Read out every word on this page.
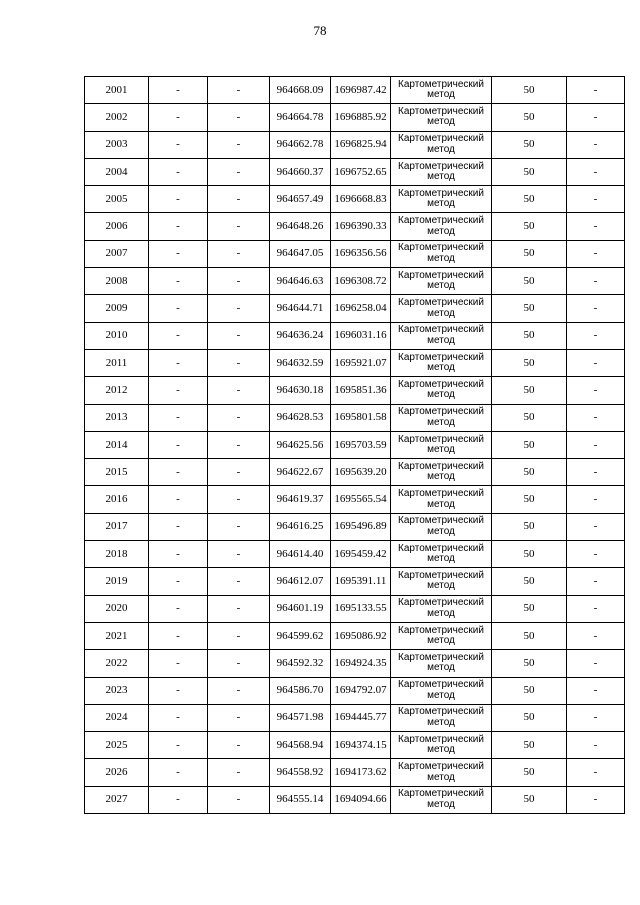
78
2001	-	-	964668.09	1696987.42	Картометрический метод	50	-
2002	-	-	964664.78	1696885.92	Картометрический метод	50	-
2003	-	-	964662.78	1696825.94	Картометрический метод	50	-
2004	-	-	964660.37	1696752.65	Картометрический метод	50	-
2005	-	-	964657.49	1696668.83	Картометрический метод	50	-
2006	-	-	964648.26	1696390.33	Картометрический метод	50	-
2007	-	-	964647.05	1696356.56	Картометрический метод	50	-
2008	-	-	964646.63	1696308.72	Картометрический метод	50	-
2009	-	-	964644.71	1696258.04	Картометрический метод	50	-
2010	-	-	964636.24	1696031.16	Картометрический метод	50	-
2011	-	-	964632.59	1695921.07	Картометрический метод	50	-
2012	-	-	964630.18	1695851.36	Картометрический метод	50	-
2013	-	-	964628.53	1695801.58	Картометрический метод	50	-
2014	-	-	964625.56	1695703.59	Картометрический метод	50	-
2015	-	-	964622.67	1695639.20	Картометрический метод	50	-
2016	-	-	964619.37	1695565.54	Картометрический метод	50	-
2017	-	-	964616.25	1695496.89	Картометрический метод	50	-
2018	-	-	964614.40	1695459.42	Картометрический метод	50	-
2019	-	-	964612.07	1695391.11	Картометрический метод	50	-
2020	-	-	964601.19	1695133.55	Картометрический метод	50	-
2021	-	-	964599.62	1695086.92	Картометрический метод	50	-
2022	-	-	964592.32	1694924.35	Картометрический метод	50	-
2023	-	-	964586.70	1694792.07	Картометрический метод	50	-
2024	-	-	964571.98	1694445.77	Картометрический метод	50	-
2025	-	-	964568.94	1694374.15	Картометрический метод	50	-
2026	-	-	964558.92	1694173.62	Картометрический метод	50	-
2027	-	-	964555.14	1694094.66	Картометрический метод	50	-
